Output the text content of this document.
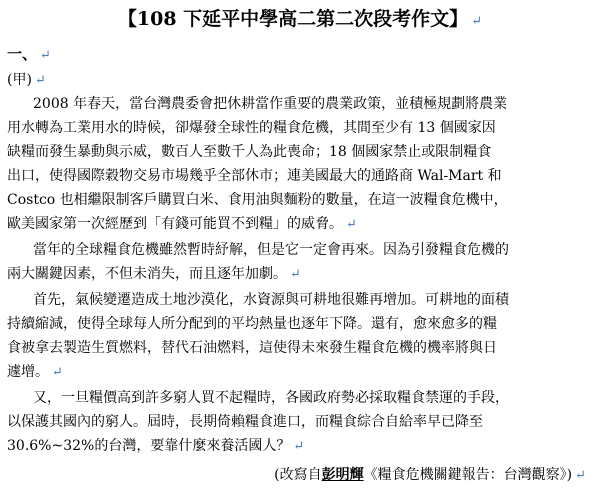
【108 下延平中學高二第二次段考作文】 ↵
一、 ↵
(甲) ↵
2008 年春天，當台灣農委會把休耕當作重要的農業政策，並積極規劃將農業
用水轉為工業用水的時候，卻爆發全球性的糧食危機，其間至少有 13 個國家因
缺糧而發生暴動與示威，數百人至數千人為此喪命；18 個國家禁止或限制糧食
出口，使得國際穀物交易市場幾乎全部休市；連美國最大的通路商 Wal-Mart 和
Costco 也相繼限制客戶購買白米、食用油與麵粉的數量，在這一波糧食危機中，
歐美國家第一次經歷到「有錢可能買不到糧」的威脅。 ↵
當年的全球糧食危機雖然暫時紓解，但是它一定會再來。因為引發糧食危機的
兩大關鍵因素，不但未消失，而且逐年加劇。 ↵
首先，氣候變遷造成土地沙漠化，水資源與可耕地很難再增加。可耕地的面積
持續縮減，使得全球每人所分配到的平均熱量也逐年下降。還有，愈來愈多的糧
食被拿去製造生質燃料，替代石油燃料，這使得未來發生糧食危機的機率將與日
遽增。 ↵
又，一旦糧價高到許多窮人買不起糧時，各國政府勢必採取糧食禁運的手段，
以保護其國內的窮人。屆時，長期倚賴糧食進口，而糧食綜合自給率早已降至
30.6%~32%的台灣，要靠什麼來養活國人？ ↵
(改寫自彭明輝《糧食危機關鍵報告：台灣觀察》) ↵
